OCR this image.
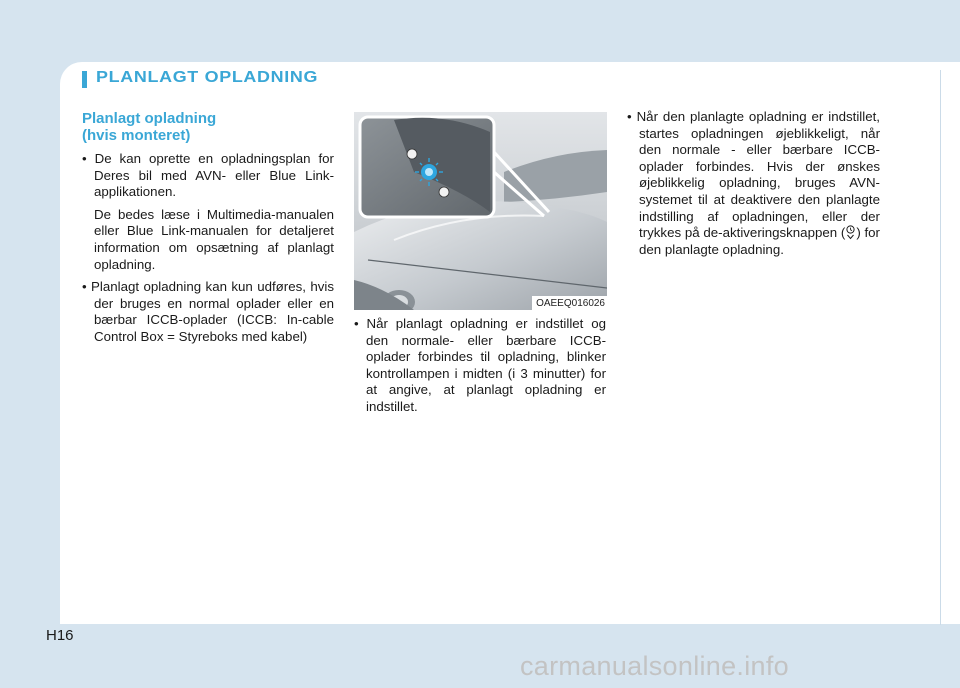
PLANLAGT OPLADNING
Planlagt opladning
(hvis monteret)

• De kan oprette en opladningsplan for Deres bil med AVN- eller Blue Link-applikationen.

De bedes læse i Multimedia-manualen eller Blue Link-manualen for detaljeret information om opsætning af planlagt opladning.

• Planlagt opladning kan kun udføres, hvis der bruges en normal oplader eller en bærbar ICCB-oplader (ICCB: In-cable Control Box = Styreboks med kabel)

OAEEQ016026

• Når planlagt opladning er indstillet og den normale- eller bærbare ICCB-oplader forbindes til opladning, blinker kontrollampen i midten (i 3 minutter) for at angive, at planlagt opladning er indstillet.

• Når den planlagte opladning er indstillet, startes opladningen øjeblikkeligt, når den normale - eller bærbare ICCB-oplader forbindes. Hvis der ønskes øjeblikkelig opladning, bruges AVN-systemet til at deaktivere den planlagte indstilling af opladningen, eller der trykkes på de-aktiveringsknappen ( ) for den planlagte opladning.

H16
carmanualsonline.info
